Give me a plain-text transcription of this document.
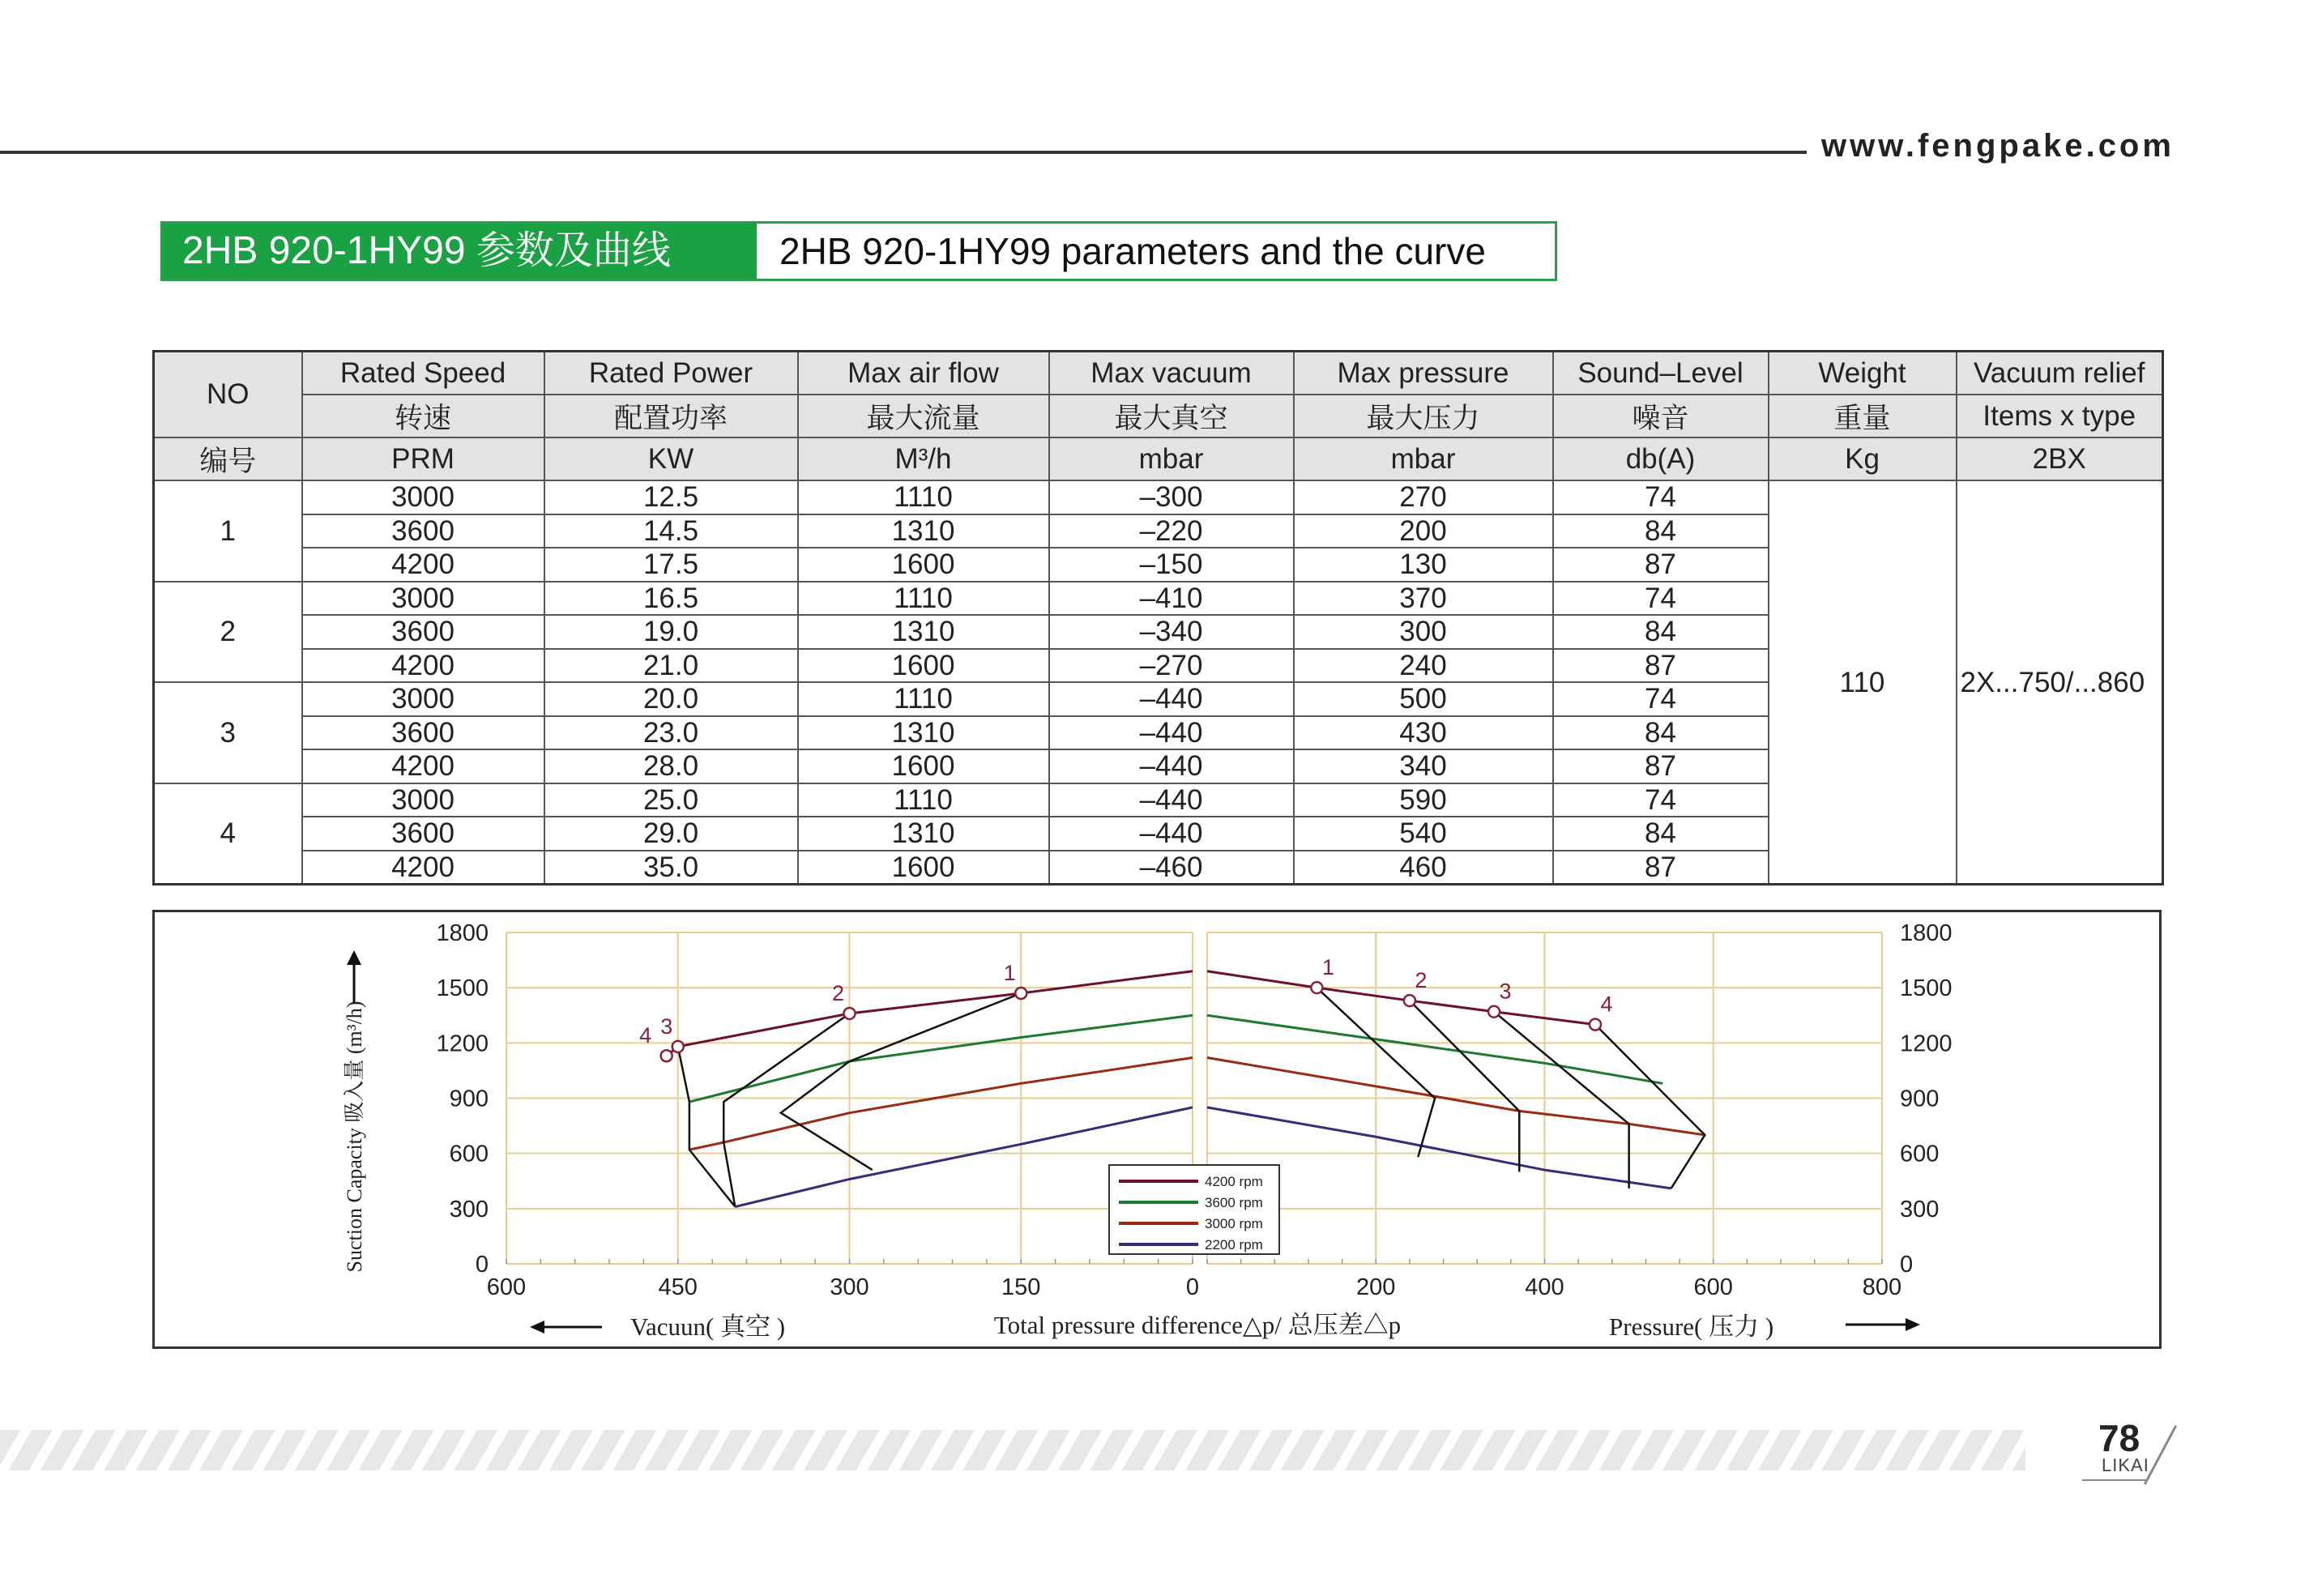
www.fengpake.com
2HB 920-1HY99 参数及曲线	2HB 920-1HY99 parameters and the curve
NO	Rated Speed	Rated Power	Max air flow	Max vacuum	Max pressure	Sound–Level	Weight	Vacuum relief
	转速	配置功率	最大流量	最大真空	最大压力	噪音	重量	Items x type
编号	PRM	KW	M³/h	mbar	mbar	db(A)	Kg	2BX
1	3000	12.5	1110	–300	270	74	110	2X...750/...860
	3600	14.5	1310	–220	200	84		
	4200	17.5	1600	–150	130	87		
2	3000	16.5	1110	–410	370	74		
	3600	19.0	1310	–340	300	84		
	4200	21.0	1600	–270	240	87		
3	3000	20.0	1110	–440	500	74		
	3600	23.0	1310	–440	430	84		
	4200	28.0	1600	–440	340	87		
4	3000	25.0	1110	–440	590	74		
	3600	29.0	1310	–440	540	84		
	4200	35.0	1600	–460	460	87		
0	0
300	300
600	600
900	900
1200	1200
1500	1500
1800	1800
600	450	300	150	0	200	400	600	800
1
2
3
4
1
2	3
4
4200 rpm
3600 rpm
3000 rpm
2200 rpm
Suction Capacity 吸入量 (m³/h)
Vacuun( 真空 )	Total pressure difference△p/ 总压差△p	Pressure( 压力 )
78
LIKAI
